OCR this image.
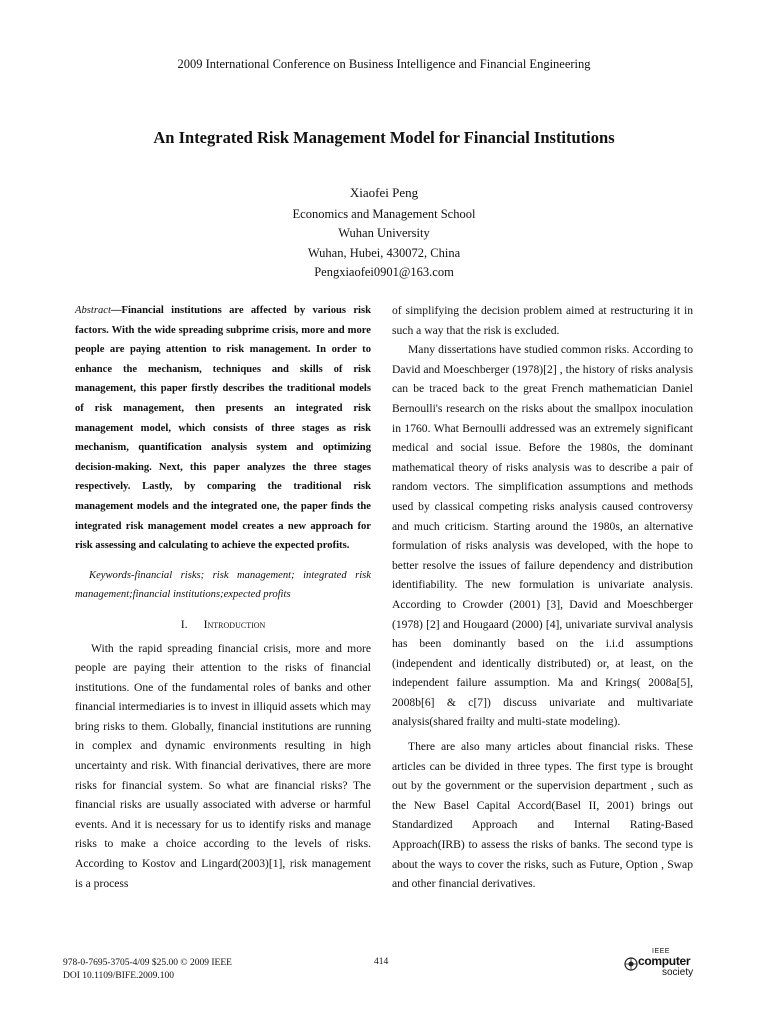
2009 International Conference on Business Intelligence and Financial Engineering
An Integrated Risk Management Model for Financial Institutions
Xiaofei Peng
Economics and Management School
Wuhan University
Wuhan, Hubei, 430072, China
Pengxiaofei0901@163.com
Abstract—Financial institutions are affected by various risk factors. With the wide spreading subprime crisis, more and more people are paying attention to risk management. In order to enhance the mechanism, techniques and skills of risk management, this paper firstly describes the traditional models of risk management, then presents an integrated risk management model, which consists of three stages as risk mechanism, quantification analysis system and optimizing decision-making. Next, this paper analyzes the three stages respectively. Lastly, by comparing the traditional risk management models and the integrated one, the paper finds the integrated risk management model creates a new approach for risk assessing and calculating to achieve the expected profits.
Keywords-financial risks; risk management; integrated risk management;financial institutions;expected profits
I. Introduction

With the rapid spreading financial crisis, more and more people are paying their attention to the risks of financial institutions. One of the fundamental roles of banks and other financial intermediaries is to invest in illiquid assets which may bring risks to them. Globally, financial institutions are running in complex and dynamic environments resulting in high uncertainty and risk. With financial derivatives, there are more risks for financial system. So what are financial risks? The financial risks are usually associated with adverse or harmful events. And it is necessary for us to identify risks and manage risks to make a choice according to the levels of risks. According to Kostov and Lingard(2003)[1], risk management is a process

of simplifying the decision problem aimed at restructuring it in such a way that the risk is excluded.

Many dissertations have studied common risks. According to David and Moeschberger (1978)[2] , the history of risks analysis can be traced back to the great French mathematician Daniel Bernoulli's research on the risks about the smallpox inoculation in 1760. What Bernoulli addressed was an extremely significant medical and social issue. Before the 1980s, the dominant mathematical theory of risks analysis was to describe a pair of random vectors. The simplification assumptions and methods used by classical competing risks analysis caused controversy and much criticism. Starting around the 1980s, an alternative formulation of risks analysis was developed, with the hope to better resolve the issues of failure dependency and distribution identifiability. The new formulation is univariate analysis. According to Crowder (2001) [3], David and Moeschberger (1978) [2] and Hougaard (2000) [4], univariate survival analysis has been dominantly based on the i.i.d assumptions (independent and identically distributed) or, at least, on the independent failure assumption. Ma and Krings( 2008a[5], 2008b[6] & c[7]) discuss univariate and multivariate analysis(shared frailty and multi-state modeling).

There are also many articles about financial risks. These articles can be divided in three types. The first type is brought out by the government or the supervision department , such as the New Basel Capital Accord(Basel II, 2001) brings out Standardized Approach and Internal Rating-Based Approach(IRB) to assess the risks of banks. The second type is about the ways to cover the risks, such as Future, Option , Swap and other financial derivatives.

978-0-7695-3705-4/09 $25.00 © 2009 IEEE
DOI 10.1109/BIFE.2009.100
414
IEEE
computer
society
